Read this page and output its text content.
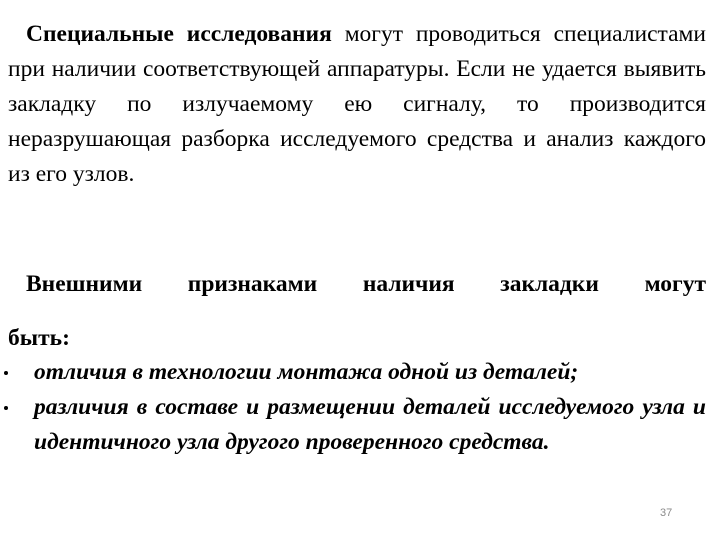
Специальные исследования могут проводиться специалистами при наличии соответствующей аппаратуры. Если не удается выявить закладку по излучаемому ею сигналу, то производится неразрушающая разборка исследуемого средства и анализ каждого из его узлов.

Внешними признаками наличия закладки могут
быть:
отличия в технологии монтажа одной из деталей;
различия в составе и размещении деталей исследуемого узла и идентичного узла другого проверенного средства.
37
